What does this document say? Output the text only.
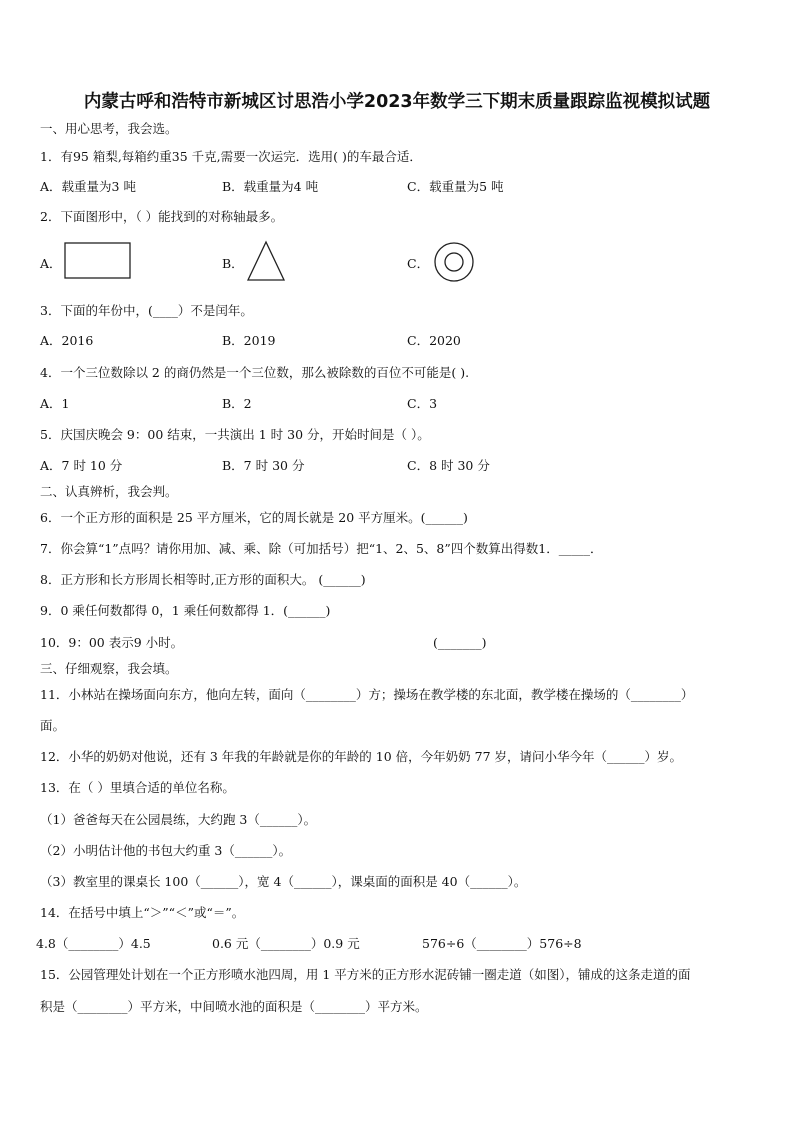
内蒙古呼和浩特市新城区讨思浩小学2023年数学三下期末质量跟踪监视模拟试题
一、用心思考，我会选。
1．有95 箱梨,每箱约重35 千克,需要一次运完．选用( )的车最合适．
A．载重量为3 吨	B．载重量为4 吨	C．载重量为5 吨
2．下面图形中，（ ）能找到的对称轴最多。
A．	B．	C．
3．下面的年份中，(____）不是闰年。
A．2016	B．2019	C．2020
4．一个三位数除以 2 的商仍然是一个三位数，那么被除数的百位不可能是( ).
A．1	B．2	C．3
5．庆国庆晚会 9：00 结束，一共演出 1 时 30 分，开始时间是（ ）。
A．7 时 10 分	B．7 时 30 分	C．8 时 30 分
二、认真辨析，我会判。
6．一个正方形的面积是 25 平方厘米，它的周长就是 20 平方厘米。(______)
7．你会算“1”点吗？请你用加、减、乘、除（可加括号）把“1、2、5、8”四个数算出得数1．_____．
8．正方形和长方形周长相等时,正方形的面积大。 (______)
9．0 乘任何数都得 0，1 乘任何数都得 1．(______)
10．9：00 表示9 小时。	(_______)
三、仔细观察，我会填。
11．小林站在操场面向东方，他向左转，面向（________）方；操场在教学楼的东北面，教学楼在操场的（________）
面。
12．小华的奶奶对他说，还有 3 年我的年龄就是你的年龄的 10 倍，今年奶奶 77 岁，请问小华今年（______）岁。
13．在（ ）里填合适的单位名称。
（1）爸爸每天在公园晨练，大约跑 3（______）。
（2）小明估计他的书包大约重 3（______）。
（3）教室里的课桌长 100（______），宽 4（______），课桌面的面积是 40（______）。
14．在括号中填上“＞”“＜”或“＝”。
4.8（________）4.5	0.6 元（________）0.9 元	576÷6（________）576÷8
15．公园管理处计划在一个正方形喷水池四周，用 1 平方米的正方形水泥砖铺一圈走道（如图），铺成的这条走道的面
积是（________）平方米，中间喷水池的面积是（________）平方米。
